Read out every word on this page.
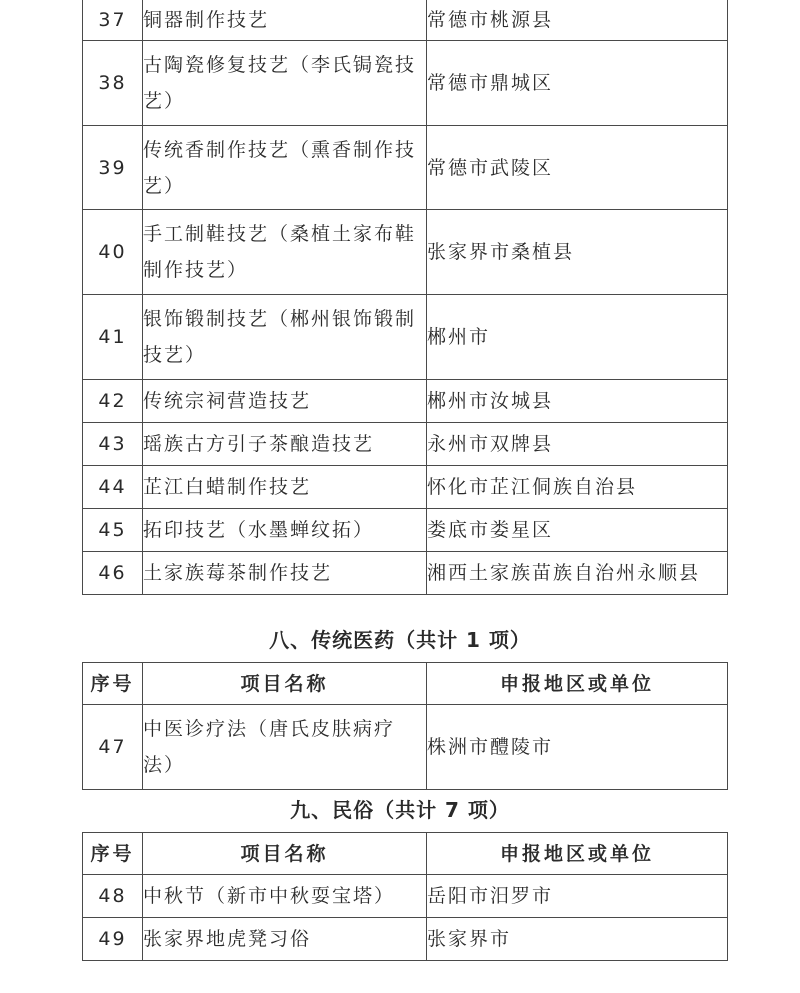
37	铜器制作技艺	常德市桃源县
38	古陶瓷修复技艺（李氏锔瓷技艺）	常德市鼎城区
39	传统香制作技艺（熏香制作技艺）	常德市武陵区
40	手工制鞋技艺（桑植土家布鞋制作技艺）	张家界市桑植县
41	银饰锻制技艺（郴州银饰锻制技艺）	郴州市
42	传统宗祠营造技艺	郴州市汝城县
43	瑶族古方引子茶酿造技艺	永州市双牌县
44	芷江白蜡制作技艺	怀化市芷江侗族自治县
45	拓印技艺（水墨蝉纹拓）	娄底市娄星区
46	土家族莓茶制作技艺	湘西土家族苗族自治州永顺县
八、传统医药（共计 1 项）
序号	项目名称	申报地区或单位
47	中医诊疗法（唐氏皮肤病疗法）	株洲市醴陵市
九、民俗（共计 7 项）
序号	项目名称	申报地区或单位
48	中秋节（新市中秋耍宝塔）	岳阳市汨罗市
49	张家界地虎凳习俗	张家界市
